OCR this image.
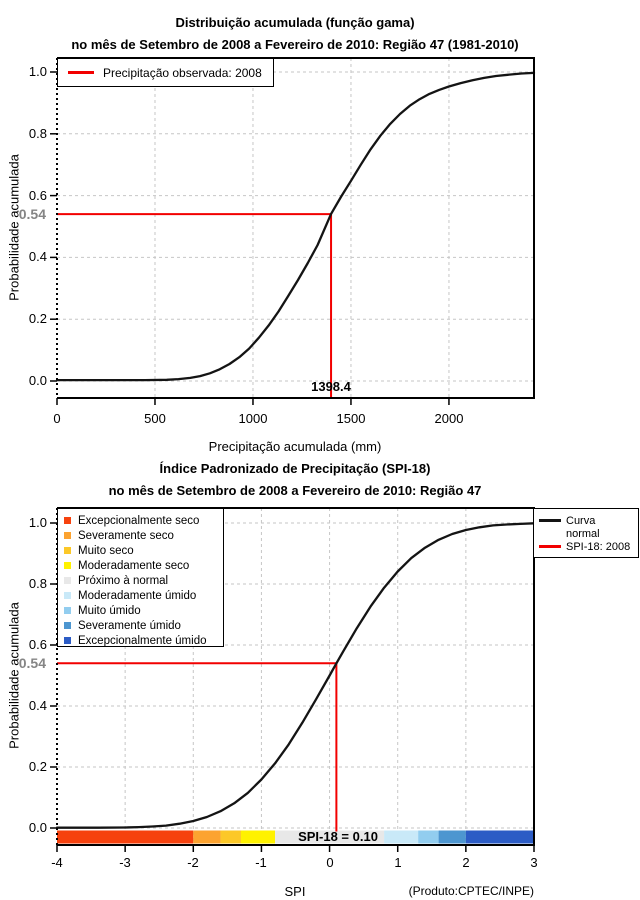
Distribuição acumulada (função gama)
no mês de Setembro de 2008 a Fevereiro de 2010: Região 47 (1981-2010)
Probabilidade acumulada
Precipitação acumulada (mm)
0.54
1398.4
Precipitação observada: 2008
Índice Padronizado de Precipitação (SPI-18)
no mês de Setembro de 2008 a Fevereiro de 2010: Região 47
Probabilidade acumulada
SPI
0.54
SPI-18 = 0.10
(Produto:CPTEC/INPE)
Excepcionalmente seco
Severamente seco
Muito seco
Moderadamente seco
Próximo à normal
Moderadamente úmido
Muito úmido
Severamente úmido
Excepcionalmente úmido
Curva
normal
SPI-18: 2008
0.0
0.2
0.4
0.6
0.8
1.0
0	500	1000	1500	2000
0.0
0.2
0.4
0.6
0.8
1.0
-4	-3	-2	-1	0	1	2	3
